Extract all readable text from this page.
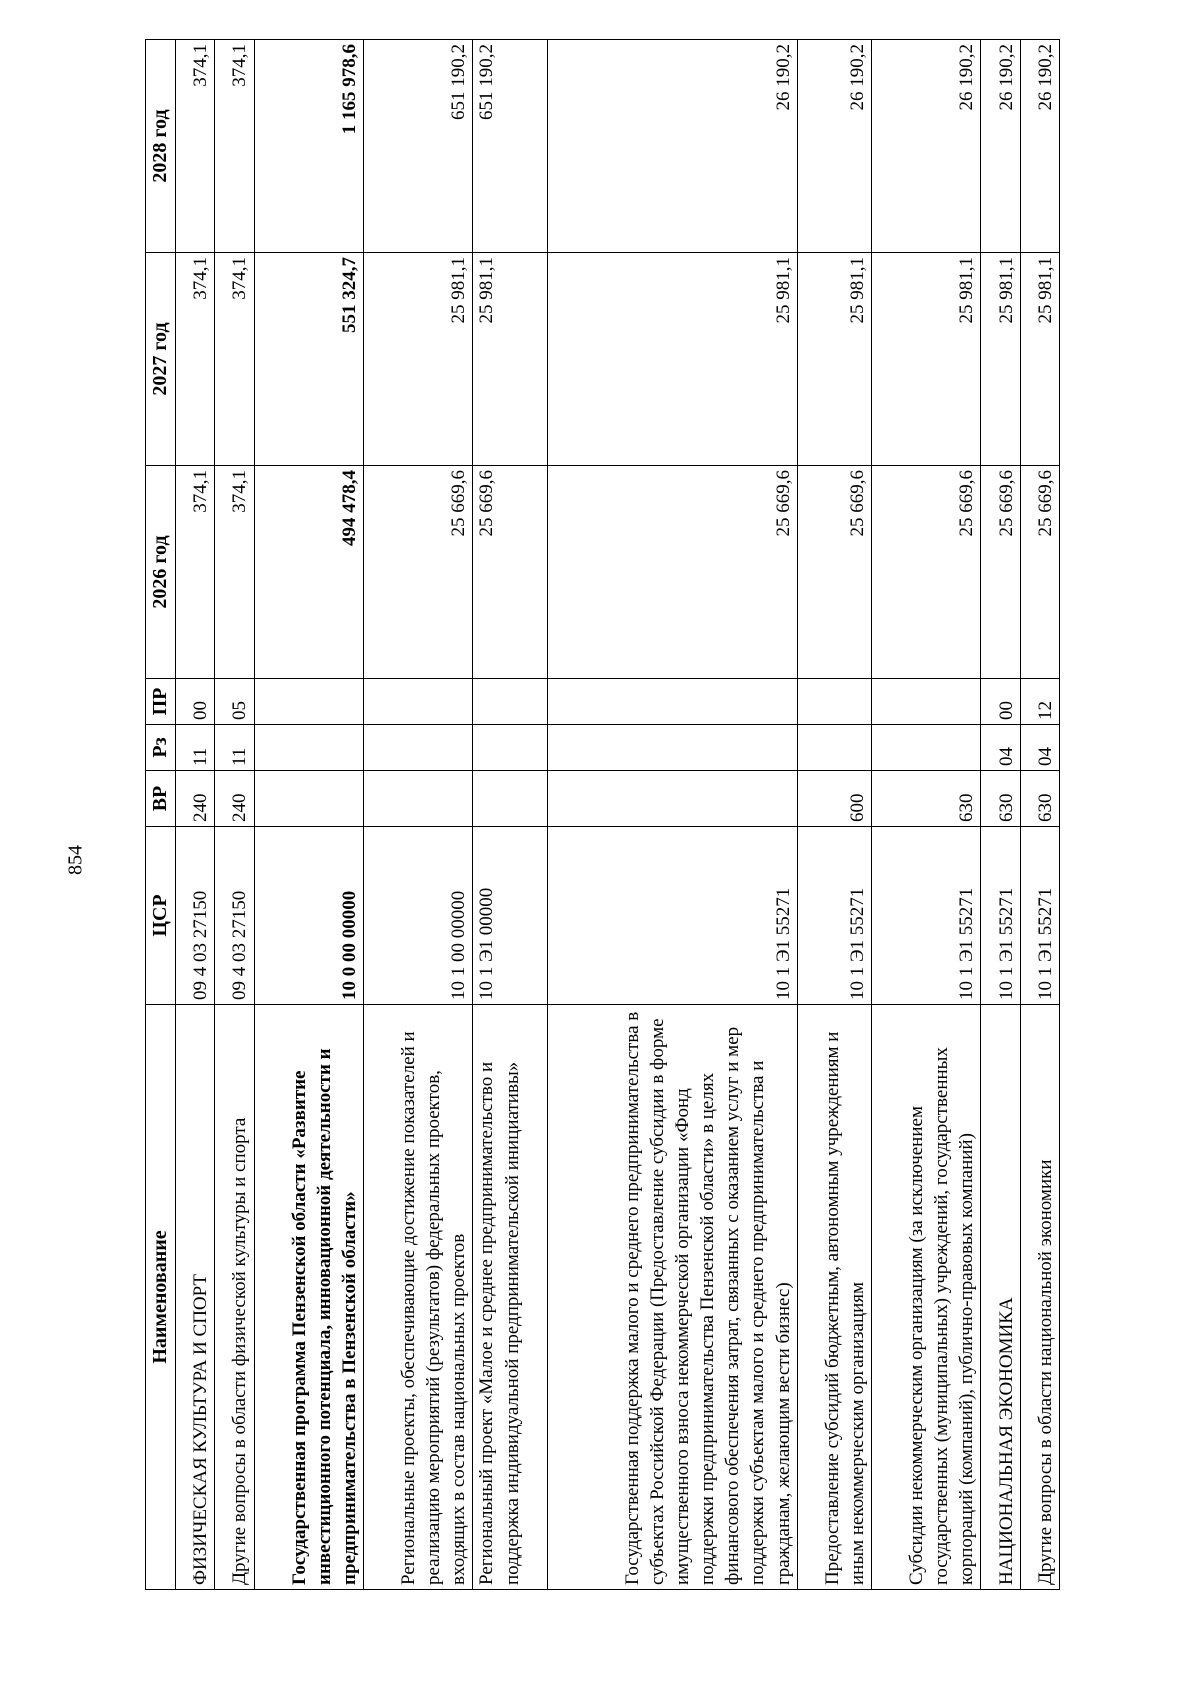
854
Наименование	ЦСР	ВР	Рз	ПР	2026 год	2027 год	2028 год
ФИЗИЧЕСКАЯ КУЛЬТУРА И СПОРТ	09 4 03 27150	240	11	00	374,1	374,1	374,1
Другие вопросы в области физической культуры и спорта	09 4 03 27150	240	11	05	374,1	374,1	374,1
Государственная программа Пензенской области «Развитие инвестиционного потенциала, инновационной деятельности и предпринимательства в Пензенской области»	10 0 00 00000				494 478,4	551 324,7	1 165 978,6
Региональные проекты, обеспечивающие достижение показателей и реализацию мероприятий (результатов) федеральных проектов, входящих в состав национальных проектов	10 1 00 00000				25 669,6	25 981,1	651 190,2
Региональный проект «Малое и среднее предпринимательство и поддержка индивидуальной предпринимательской инициативы»	10 1 Э1 00000				25 669,6	25 981,1	651 190,2
Государственная поддержка малого и среднего предпринимательства в субъектах Российской Федерации (Предоставление субсидии в форме имущественного взноса некоммерческой организации «Фонд поддержки предпринимательства Пензенской области» в целях финансового обеспечения затрат, связанных с оказанием услуг и мер поддержки субъектам малого и среднего предпринимательства и гражданам, желающим вести бизнес)	10 1 Э1 55271				25 669,6	25 981,1	26 190,2
Предоставление субсидий бюджетным, автономным учреждениям и иным некоммерческим организациям	10 1 Э1 55271	600			25 669,6	25 981,1	26 190,2
Субсидии некоммерческим организациям (за исключением государственных (муниципальных) учреждений, государственных корпораций (компаний), публично-правовых компаний)	10 1 Э1 55271	630			25 669,6	25 981,1	26 190,2
НАЦИОНАЛЬНАЯ ЭКОНОМИКА	10 1 Э1 55271	630	04	00	25 669,6	25 981,1	26 190,2
Другие вопросы в области национальной экономики	10 1 Э1 55271	630	04	12	25 669,6	25 981,1	26 190,2
